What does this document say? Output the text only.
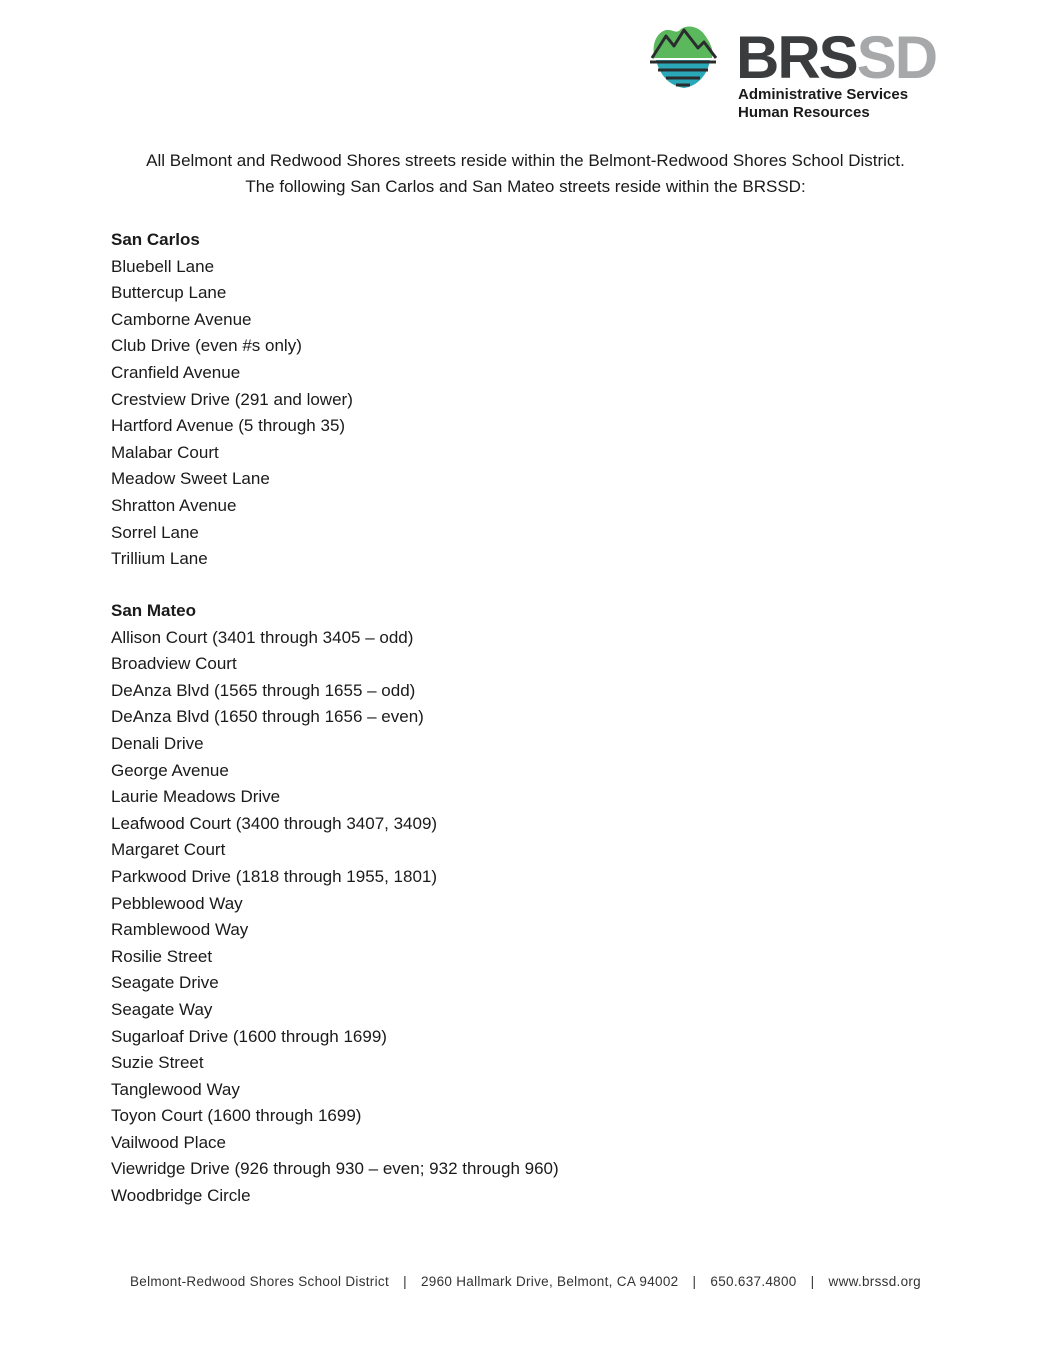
BRSSD
Administrative Services
Human Resources
All Belmont and Redwood Shores streets reside within the Belmont-Redwood Shores School District.
The following San Carlos and San Mateo streets reside within the BRSSD:
San Carlos
Bluebell Lane
Buttercup Lane
Camborne Avenue
Club Drive (even #s only)
Cranfield Avenue
Crestview Drive (291 and lower)
Hartford Avenue (5 through 35)
Malabar Court
Meadow Sweet Lane
Shratton Avenue
Sorrel Lane
Trillium Lane
San Mateo
Allison Court (3401 through 3405 – odd)
Broadview Court
DeAnza Blvd (1565 through 1655 – odd)
DeAnza Blvd (1650 through 1656 – even)
Denali Drive
George Avenue
Laurie Meadows Drive
Leafwood Court (3400 through 3407, 3409)
Margaret Court
Parkwood Drive (1818 through 1955, 1801)
Pebblewood Way
Ramblewood Way
Rosilie Street
Seagate Drive
Seagate Way
Sugarloaf Drive (1600 through 1699)
Suzie Street
Tanglewood Way
Toyon Court (1600 through 1699)
Vailwood Place
Viewridge Drive (926 through 930 – even; 932 through 960)
Woodbridge Circle
Belmont-Redwood Shores School District | 2960 Hallmark Drive, Belmont, CA 94002 | 650.637.4800 | www.brssd.org
